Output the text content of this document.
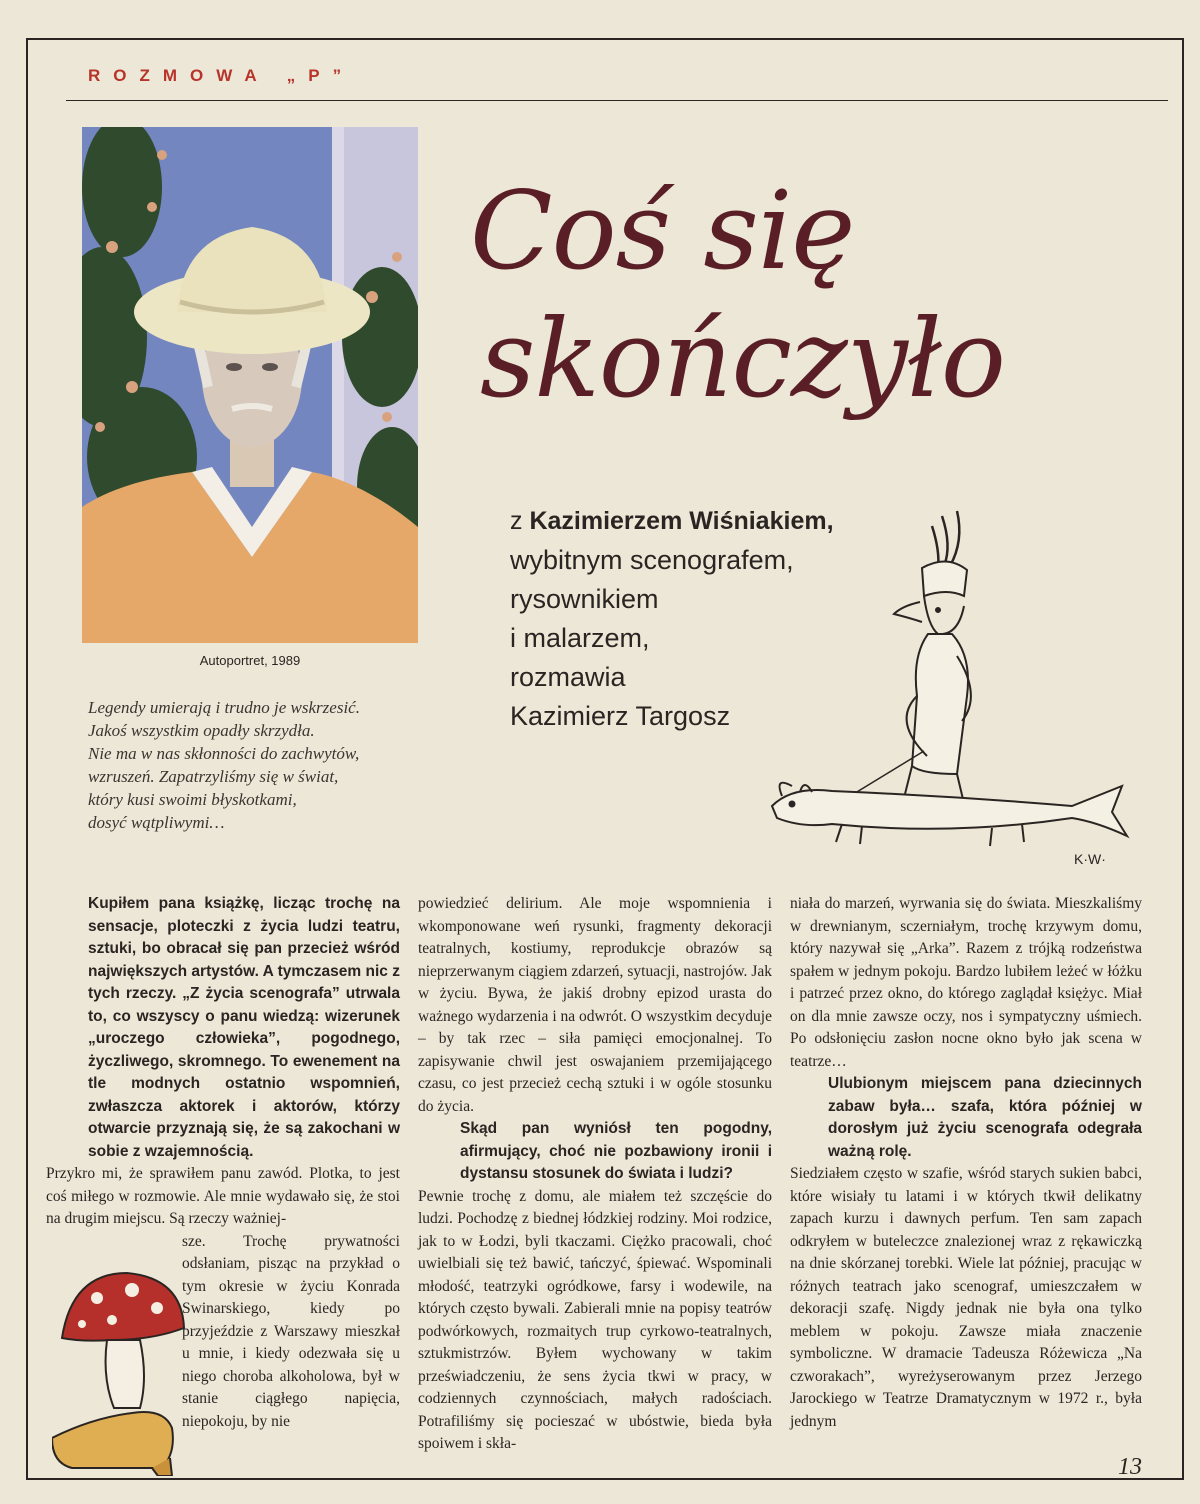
ROZMOWA „P”
Autoportret, 1989
Legendy umierają i trudno je wskrzesić.
Jakoś wszystkim opadły skrzydła.
Nie ma w nas skłonności do zachwytów,
wzruszeń. Zapatrzyliśmy się w świat,
który kusi swoimi błyskotkami,
dosyć wątpliwymi…
Coś się
skończyło
z Kazimierzem Wiśniakiem,
wybitnym scenografem,
rysownikiem
i malarzem,
rozmawia
Kazimierz Targosz
K·W·

Kupiłem pana książkę, licząc trochę na sensacje, ploteczki z życia ludzi teatru, sztuki, bo obracał się pan przecież wśród największych artystów. A tymczasem nic z tych rzeczy. „Z życia scenografa” utrwala to, co wszyscy o panu wiedzą: wizerunek „uroczego człowieka”, pogodnego, życzliwego, skromnego. To ewenement na tle modnych ostatnio wspomnień, zwłaszcza aktorek i aktorów, którzy otwarcie przyznają się, że są zakochani w sobie z wzajemnością.

Przykro mi, że sprawiłem panu zawód. Plotka, to jest coś miłego w rozmowie. Ale mnie wydawało się, że stoi na drugim miejscu. Są rzeczy ważniej-

sze. Trochę prywatności odsłaniam, pisząc na przykład o tym okresie w życiu Konrada Swinarskiego, kiedy po przyjeździe z Warszawy mieszkał u mnie, i kiedy odezwała się u niego choroba alkoholowa, był w stanie ciągłego napięcia, niepokoju, by nie

powiedzieć delirium. Ale moje wspomnienia i wkomponowane weń rysunki, fragmenty dekoracji teatralnych, kostiumy, reprodukcje obrazów są nieprzerwanym ciągiem zdarzeń, sytuacji, nastrojów. Jak w życiu. Bywa, że jakiś drobny epizod urasta do ważnego wydarzenia i na odwrót. O wszystkim decyduje – by tak rzec – siła pamięci emocjonalnej. To zapisywanie chwil jest oswajaniem przemijającego czasu, co jest przecież cechą sztuki i w ogóle stosunku do życia.

Skąd pan wyniósł ten pogodny, afirmujący, choć nie pozbawiony ironii i dystansu stosunek do świata i ludzi?

Pewnie trochę z domu, ale miałem też szczęście do ludzi. Pochodzę z biednej łódzkiej rodziny. Moi rodzice, jak to w Łodzi, byli tkaczami. Ciężko pracowali, choć uwielbiali się też bawić, tańczyć, śpiewać. Wspominali młodość, teatrzyki ogródkowe, farsy i wodewile, na których często bywali. Zabierali mnie na popisy teatrów podwórkowych, rozmaitych trup cyrkowo-teatralnych, sztukmistrzów. Byłem wychowany w takim przeświadczeniu, że sens życia tkwi w pracy, w codziennych czynnościach, małych radościach. Potrafiliśmy się pocieszаć w ubóstwie, bieda była spoiwem i skła-

niała do marzeń, wyrwania się do świata. Mieszkaliśmy w drewnianym, sczerniałym, trochę krzywym domu, który nazywał się „Arka”. Razem z trójką rodzeństwa spałem w jednym pokoju. Bardzo lubiłem leżeć w łóżku i patrzeć przez okno, do którego zaglądał księżyc. Miał on dla mnie zawsze oczy, nos i sympatyczny uśmiech. Po odsłonięciu zasłon nocne okno było jak scena w teatrze…

Ulubionym miejscem pana dziecinnych zabaw była… szafa, która później w dorosłym już życiu scenografa odegrała ważną rolę.

Siedziałem często w szafie, wśród starych sukien babci, które wisiały tu latami i w których tkwił delikatny zapach kurzu i dawnych perfum. Ten sam zapach odkryłem w buteleczce znalezionej wraz z rękawiczką na dnie skórzanej torebki. Wiele lat później, pracując w różnych teatrach jako scenograf, umieszczałem w dekoracji szafę. Nigdy jednak nie była ona tylko meblem w pokoju. Zawsze miała znaczenie symboliczne. W dramacie Tadeusza Różewicza „Na czworakach”, wyreżyserowanym przez Jerzego Jarockiego w Teatrze Dramatycznym w 1972 r., była jednym

13
